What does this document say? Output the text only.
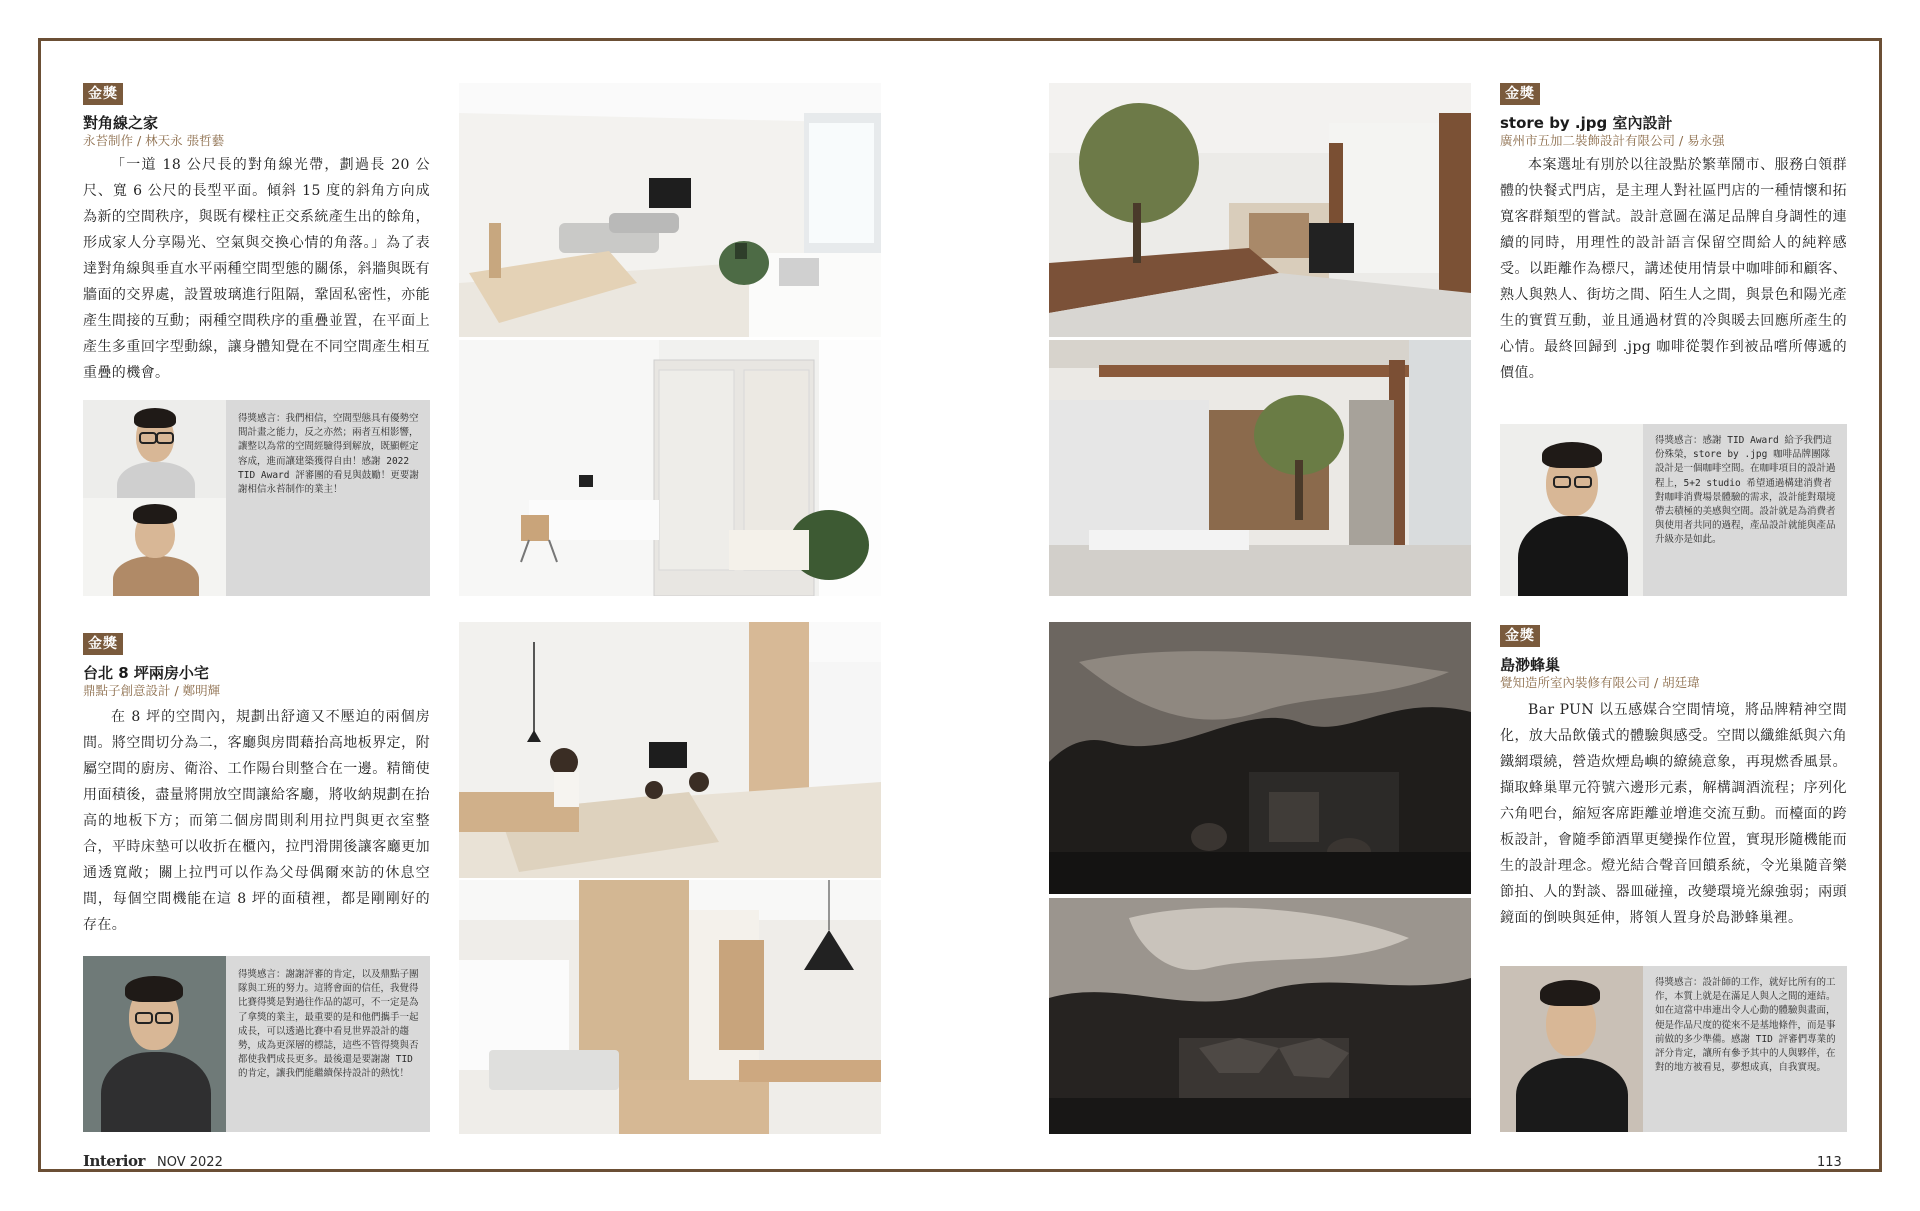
金獎
對角線之家
永苔制作 / 林天永 張哲藝

「一道 18 公尺長的對角線光帶，劃過長 20 公尺、寬 6 公尺的長型平面。傾斜 15 度的斜角方向成為新的空間秩序，與既有樑柱正交系統產生出的餘角，形成家人分享陽光、空氣與交換心情的角落。」為了表達對角線與垂直水平兩種空間型態的關係，斜牆與既有牆面的交界處，設置玻璃進行阻隔，鞏固私密性，亦能產生間接的互動；兩種空間秩序的重疊並置，在平面上產生多重回字型動線，讓身體知覺在不同空間產生相互重疊的機會。

得獎感言：我們相信，空間型態具有優勢空間計畫之能力，反之亦然；兩者互相影響，讓整以為常的空間經驗得到解放，既顯輕定容成，進而讓建築獲得自由！感謝 2022 TID Award 評審團的看見與鼓勵！更要謝謝相信永苔制作的業主！
金獎
台北 8 坪兩房小宅
鼎點子創意設計 / 鄭明輝

在 8 坪的空間內，規劃出舒適又不壓迫的兩個房間。將空間切分為二，客廳與房間藉抬高地板界定，附屬空間的廚房、衛浴、工作陽台則整合在一邊。精簡使用面積後，盡量將開放空間讓給客廳，將收納規劃在抬高的地板下方；而第二個房間則利用拉門與更衣室整合，平時床墊可以收折在櫃內，拉門滑開後讓客廳更加通透寬敞；關上拉門可以作為父母偶爾來訪的休息空間，每個空間機能在這 8 坪的面積裡，都是剛剛好的存在。

得獎感言：謝謝評審的肯定，以及鼎點子團隊與工班的努力。這將會面的信任，我覺得比賽得獎是對過往作品的認可，不一定是為了拿獎的業主，最重要的是和他們攜手一起成長，可以透過比賽中看見世界設計的趨勢，成為更深層的標誌，這些不管得獎與否都使我們成長更多。最後還是要謝謝 TID 的肯定，讓我們能繼續保持設計的熱忱！
金獎
store by .jpg 室內設計
廣州市五加二裝飾設計有限公司 / 易永强

本案選址有別於以往設點於繁華鬧市、服務白領群體的快餐式門店，是主理人對社區門店的一種情懷和拓寬客群類型的嘗試。設計意圖在滿足品牌自身調性的連續的同時，用理性的設計語言保留空間給人的純粹感受。以距離作為標尺，講述使用情景中咖啡師和顧客、熟人與熟人、街坊之間、陌生人之間，與景色和陽光產生的實質互動，並且通過材質的冷與暖去回應所產生的心情。最終回歸到 .jpg 咖啡從製作到被品嚐所傳遞的價值。

得獎感言：感謝 TID Award 給予我們這份殊榮，store by .jpg 咖啡品牌團隊設計是一個咖啡空間。在咖啡項目的設計過程上，5+2 studio 希望通過構建消費者對咖啡消費場景體驗的需求，設計能對環境帶去積極的美感與空間。設計就是為消費者與使用者共同的過程，產品設計就能與產品升級亦是如此。
金獎
島渺蜂巢
覺知造所室內裝修有限公司 / 胡廷瑋

Bar PUN 以五感媒合空間情境，將品牌精神空間化，放大品飲儀式的體驗與感受。空間以纖維紙與六角鐵網環繞，營造炊煙島嶼的繚繞意象，再現燃香風景。擷取蜂巢單元符號六邊形元素，解構調酒流程；序列化六角吧台，縮短客席距離並增進交流互動。而檯面的跨板設計，會隨季節酒單更變操作位置，實現形隨機能而生的設計理念。燈光結合聲音回饋系統，令光巢隨音樂節拍、人的對談、器皿碰撞，改變環境光線強弱；兩頭鏡面的倒映與延伸，將領人置身於島渺蜂巢裡。

得獎感言：設計師的工作，就好比所有的工作，本質上就是在滿足人與人之間的連結。如在這當中串連出令人心動的體驗與畫面，便是作品尺度的從來不是基地條件，而是事前做的多少準備。感謝 TID 評審們專業的評分肯定，讓所有參予其中的人與夥伴，在對的地方被看見，夢想成真，自我實現。
Interior NOV 2022	113
